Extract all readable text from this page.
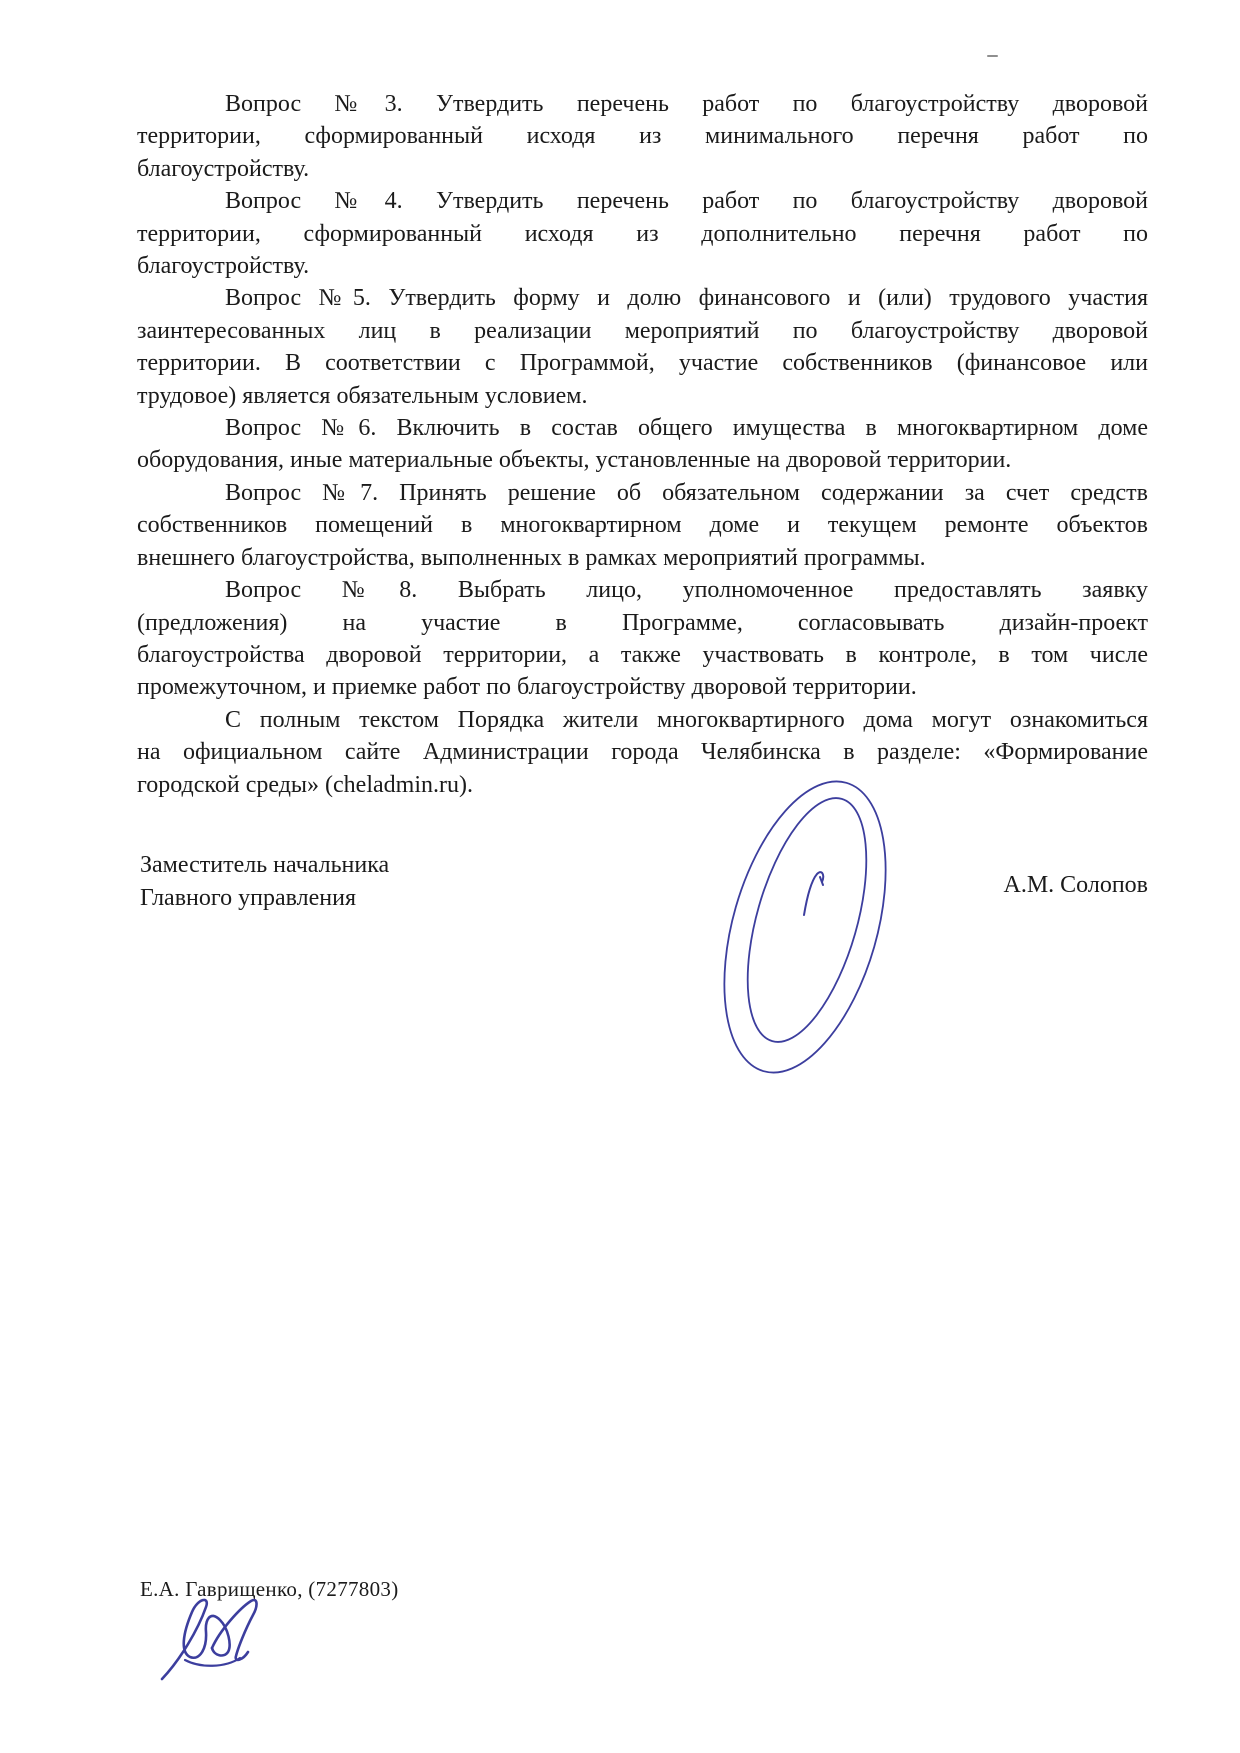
Вопрос №3. Утвердить перечень работ по благоустройству дворовой
территории, сформированный исходя из минимального перечня работ по
благоустройству.
Вопрос №4. Утвердить перечень работ по благоустройству дворовой
территории, сформированный исходя из дополнительно перечня работ по
благоустройству.
Вопрос №5. Утвердить форму и долю финансового и (или) трудового участия
заинтересованных лиц в реализации мероприятий по благоустройству дворовой
территории. В соответствии с Программой, участие собственников (финансовое или
трудовое) является обязательным условием.
Вопрос №6. Включить в состав общего имущества в многоквартирном доме
оборудования, иные материальные объекты, установленные на дворовой территории.
Вопрос №7. Принять решение об обязательном содержании за счет средств
собственников помещений в многоквартирном доме и текущем ремонте объектов
внешнего благоустройства, выполненных в рамках мероприятий программы.
Вопрос №8. Выбрать лицо, уполномоченное предоставлять заявку
(предложения) на участие в Программе, согласовывать дизайн-проект
благоустройства дворовой территории, а также участвовать в контроле, в том числе
промежуточном, и приемке работ по благоустройству дворовой территории.
С полным текстом Порядка жители многоквартирного дома могут ознакомиться
на официальном сайте Администрации города Челябинска в разделе: «Формирование
городской среды» (cheladmin.ru).
Заместитель начальника
Главного управления	А.М. Солопов
Е.А. Гаврищенко, (7277803)
